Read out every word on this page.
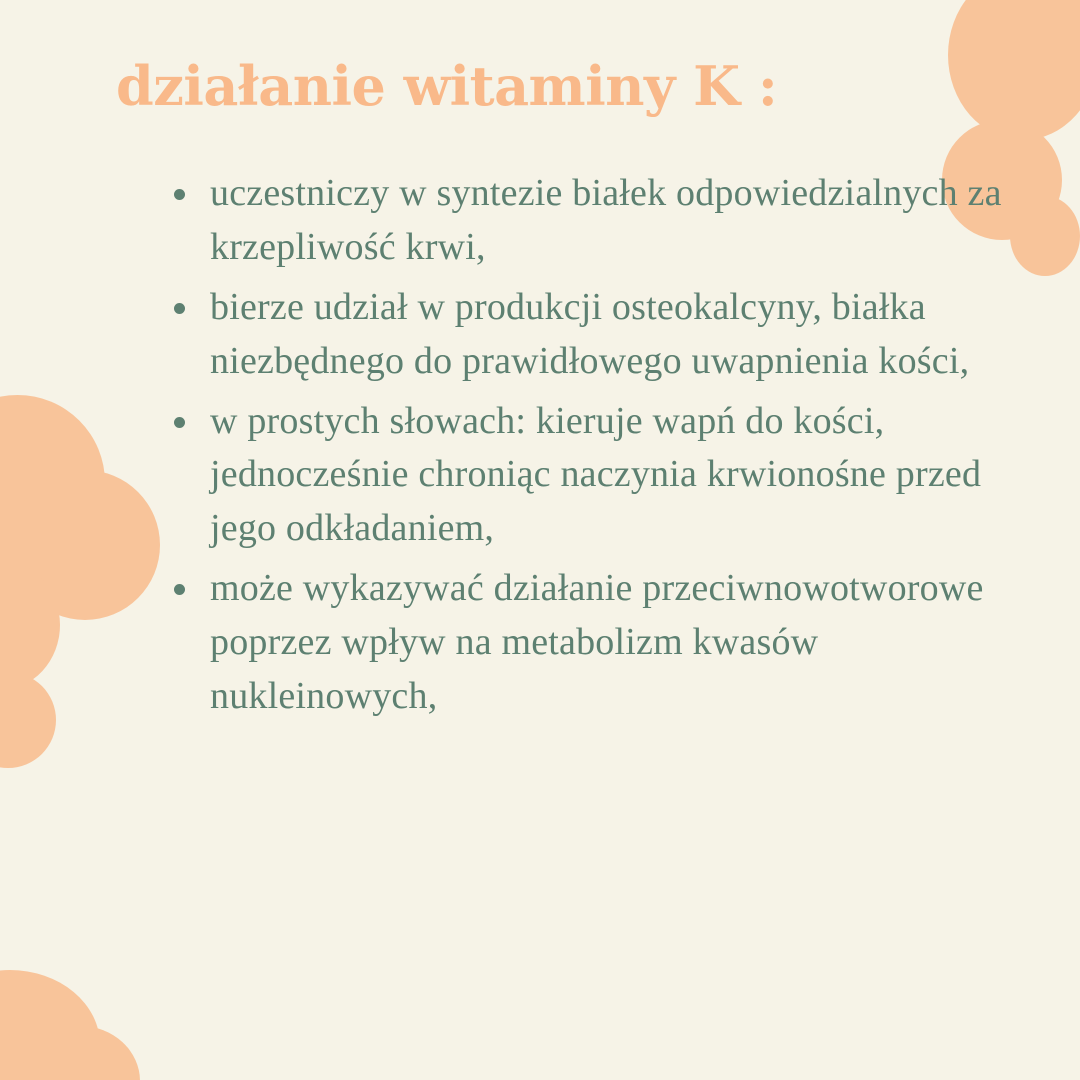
działanie witaminy K :
uczestniczy w syntezie białek odpowiedzialnych za krzepliwość krwi,
bierze udział w produkcji osteokalcyny, białka niezbędnego do prawidłowego uwapnienia kości,
w prostych słowach: kieruje wapń do kości, jednocześnie chroniąc naczynia krwionośne przed jego odkładaniem,
może wykazywać działanie przeciwnowotworowe poprzez wpływ na metabolizm kwasów nukleinowych,
